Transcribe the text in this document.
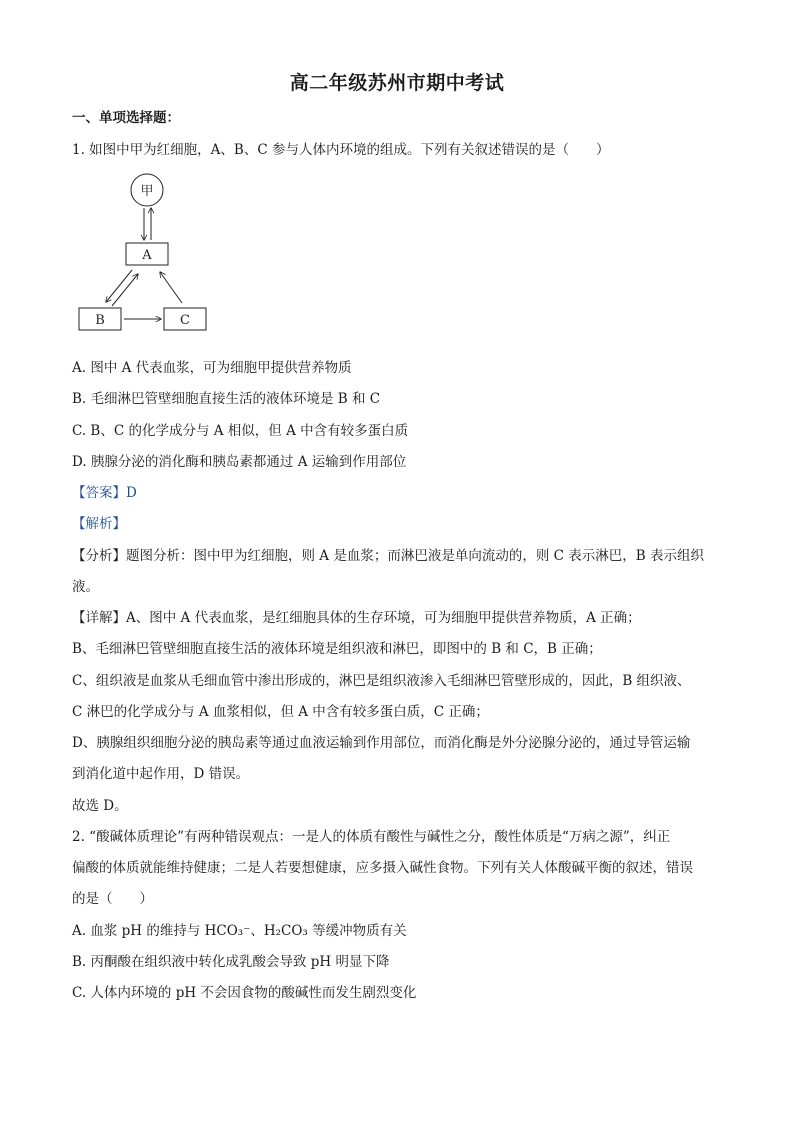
高二年级苏州市期中考试
一、单项选择题：
1. 如图中甲为红细胞，A、B、C 参与人体内环境的组成。下列有关叙述错误的是（　　）
甲
A
B	C
A. 图中 A 代表血浆，可为细胞甲提供营养物质
B. 毛细淋巴管壁细胞直接生活的液体环境是 B 和 C
C. B、C 的化学成分与 A 相似，但 A 中含有较多蛋白质
D. 胰腺分泌的消化酶和胰岛素都通过 A 运输到作用部位
【答案】D
【解析】
【分析】题图分析：图中甲为红细胞，则 A 是血浆；而淋巴液是单向流动的，则 C 表示淋巴，B 表示组织
液。
【详解】A、图中 A 代表血浆，是红细胞具体的生存环境，可为细胞甲提供营养物质，A 正确；
B、毛细淋巴管壁细胞直接生活的液体环境是组织液和淋巴，即图中的 B 和 C，B 正确；
C、组织液是血浆从毛细血管中渗出形成的，淋巴是组织液渗入毛细淋巴管壁形成的，因此，B 组织液、
C 淋巴的化学成分与 A 血浆相似，但 A 中含有较多蛋白质，C 正确；
D、胰腺组织细胞分泌的胰岛素等通过血液运输到作用部位，而消化酶是外分泌腺分泌的，通过导管运输
到消化道中起作用，D 错误。
故选 D。
2. “酸碱体质理论”有两种错误观点：一是人的体质有酸性与碱性之分，酸性体质是“万病之源”，纠正
偏酸的体质就能维持健康；二是人若要想健康，应多摄入碱性食物。下列有关人体酸碱平衡的叙述，错误
的是（　　）
A. 血浆 pH 的维持与 HCO₃⁻、H₂CO₃ 等缓冲物质有关
B. 丙酮酸在组织液中转化成乳酸会导致 pH 明显下降
C. 人体内环境的 pH 不会因食物的酸碱性而发生剧烈变化
